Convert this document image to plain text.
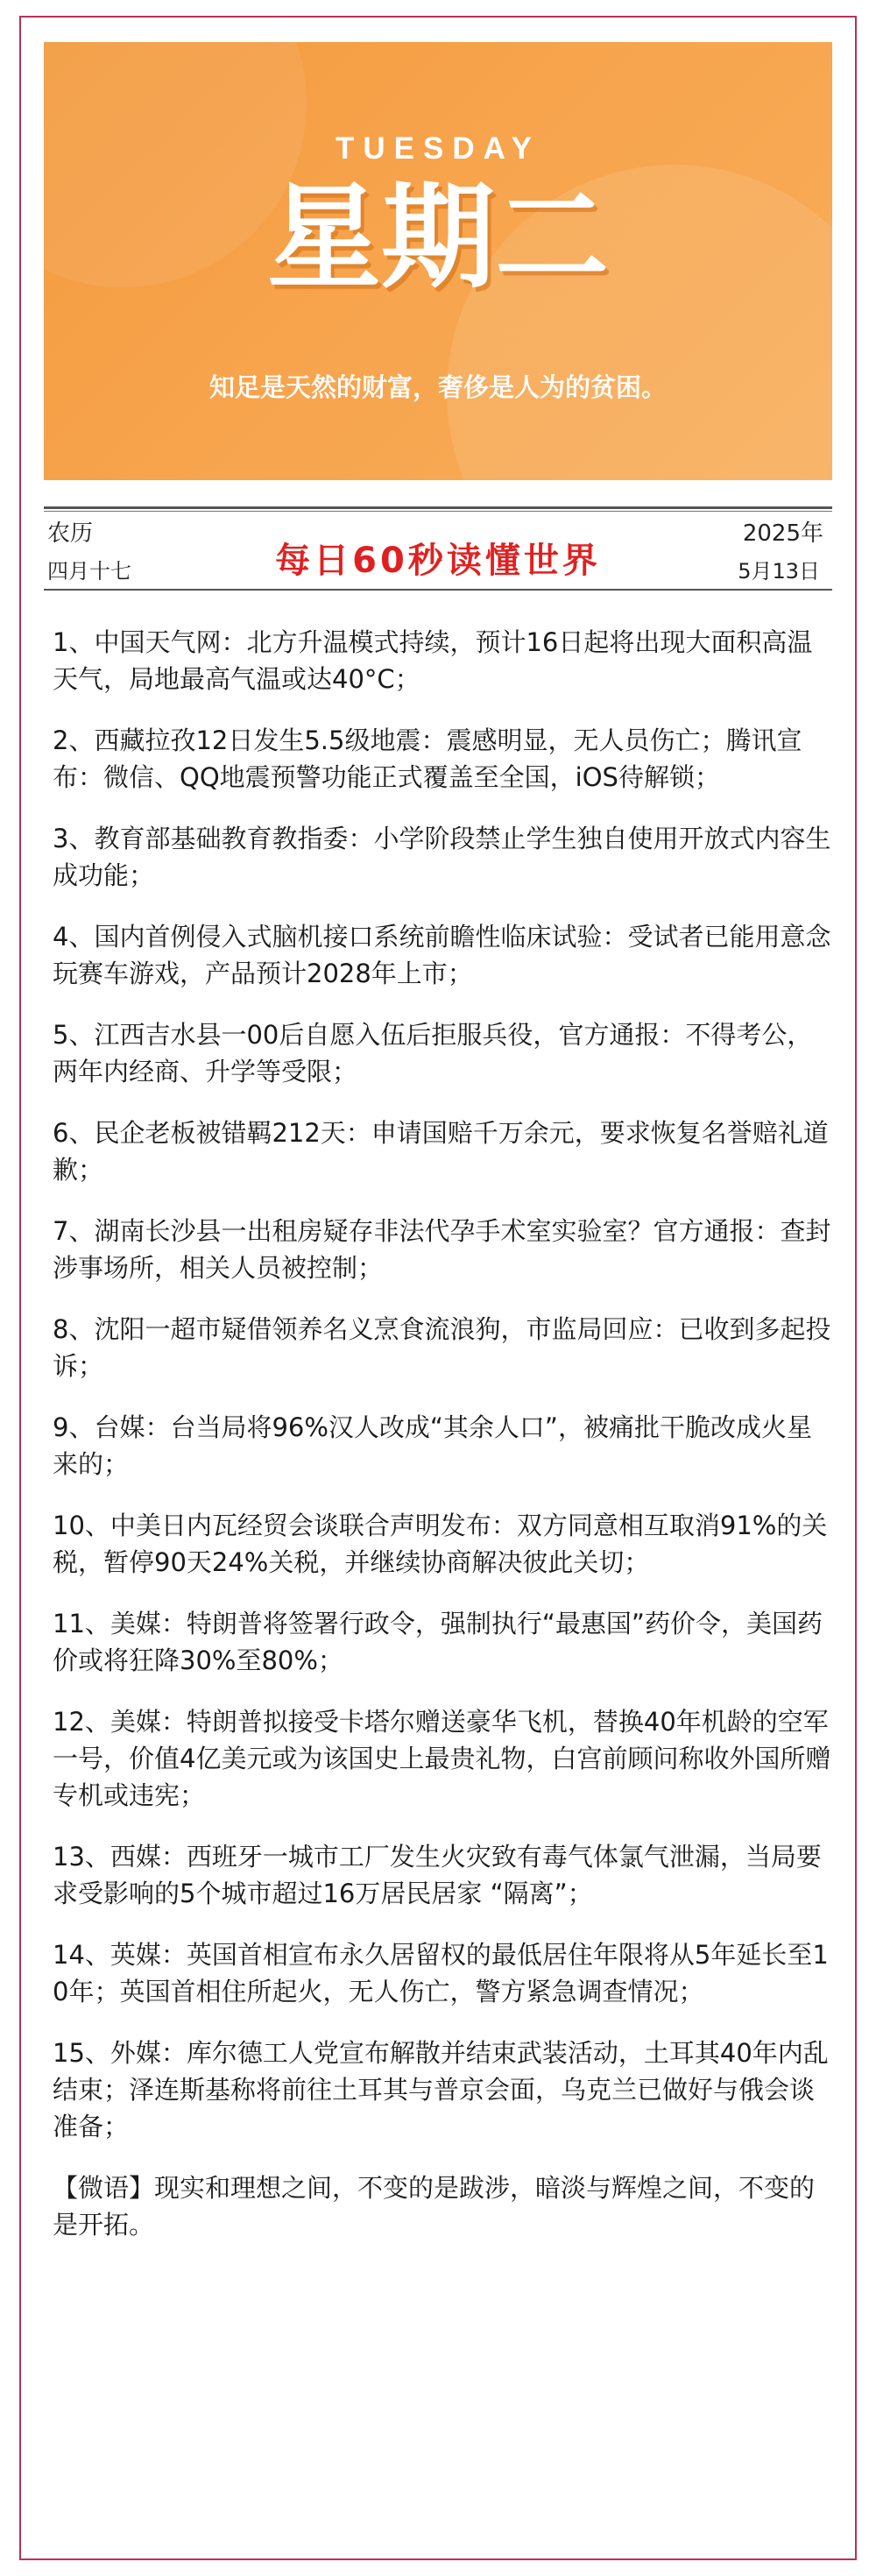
TUESDAY
星期二
知足是天然的财富，奢侈是人为的贫困。
农历
四月十七	每日60秒读懂世界
2025年
5月13日
1、中国天气网：北方升温模式持续，预计16日起将出现大面积高温天气，局地最高气温或达40°C；
2、西藏拉孜12日发生5.5级地震：震感明显，无人员伤亡；腾讯宣布：微信、QQ地震预警功能正式覆盖至全国，iOS待解锁；
3、教育部基础教育教指委：小学阶段禁止学生独自使用开放式内容生成功能；
4、国内首例侵入式脑机接口系统前瞻性临床试验：受试者已能用意念玩赛车游戏，产品预计2028年上市；
5、江西吉水县一00后自愿入伍后拒服兵役，官方通报：不得考公，两年内经商、升学等受限；
6、民企老板被错羁212天：申请国赔千万余元，要求恢复名誉赔礼道歉；
7、湖南长沙县一出租房疑存非法代孕手术室实验室？官方通报：查封涉事场所，相关人员被控制；
8、沈阳一超市疑借领养名义烹食流浪狗，市监局回应：已收到多起投诉；
9、台媒：台当局将96%汉人改成“其余人口”，被痛批干脆改成火星来的；
10、中美日内瓦经贸会谈联合声明发布：双方同意相互取消91%的关税，暂停90天24%关税，并继续协商解决彼此关切；
11、美媒：特朗普将签署行政令，强制执行“最惠国”药价令，美国药价或将狂降30%至80%；
12、美媒：特朗普拟接受卡塔尔赠送豪华飞机，替换40年机龄的空军一号，价值4亿美元或为该国史上最贵礼物，白宫前顾问称收外国所赠专机或违宪；
13、西媒：西班牙一城市工厂发生火灾致有毒气体氯气泄漏，当局要求受影响的5个城市超过16万居民居家 “隔离”；
14、英媒：英国首相宣布永久居留权的最低居住年限将从5年延长至10年；英国首相住所起火，无人伤亡，警方紧急调查情况；
15、外媒：库尔德工人党宣布解散并结束武装活动，土耳其40年内乱结束；泽连斯基称将前往土耳其与普京会面，乌克兰已做好与俄会谈准备；
【微语】现实和理想之间，不变的是跋涉，暗淡与辉煌之间，不变的是开拓。
